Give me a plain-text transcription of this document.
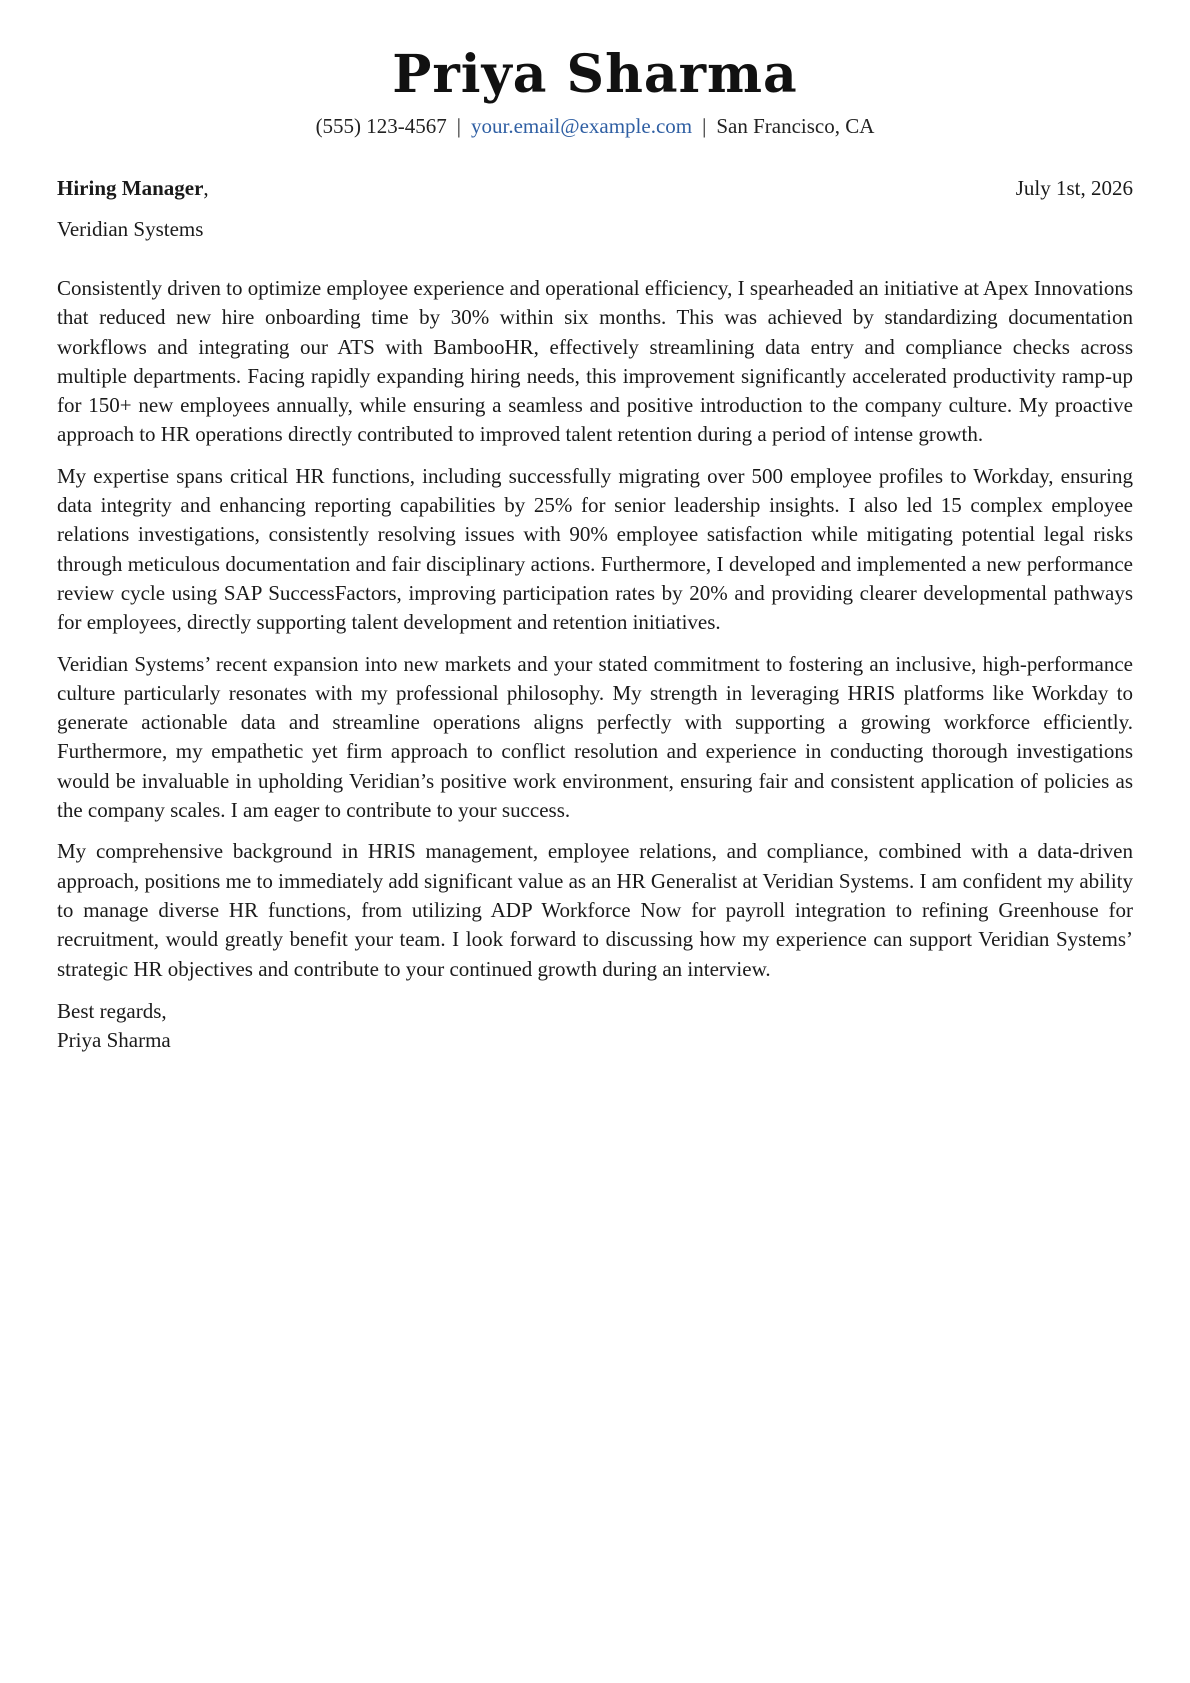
Priya Sharma
(555) 123-4567 | your.email@example.com | San Francisco, CA
Hiring Manager,	July 1st, 2026
Veridian Systems

Consistently driven to optimize employee experience and operational efficiency, I spearheaded an initiative at Apex Innovations that reduced new hire onboarding time by 30% within six months. This was achieved by standardizing documentation workflows and integrating our ATS with BambooHR, effectively streamlining data entry and compliance checks across multiple departments. Facing rapidly expanding hiring needs, this improvement significantly accelerated productivity ramp-up for 150+ new employees annually, while ensuring a seamless and positive introduction to the company culture. My proactive approach to HR operations directly contributed to improved talent retention during a period of intense growth.

My expertise spans critical HR functions, including successfully migrating over 500 employee profiles to Workday, ensuring data integrity and enhancing reporting capabilities by 25% for senior leadership insights. I also led 15 complex employee relations investigations, consistently resolving issues with 90% employee satisfaction while mitigating potential legal risks through meticulous documentation and fair disciplinary actions. Furthermore, I developed and implemented a new performance review cycle using SAP SuccessFactors, improving participation rates by 20% and providing clearer developmental pathways for employees, directly supporting talent development and retention initiatives.

Veridian Systems’ recent expansion into new markets and your stated commitment to fostering an inclusive, high-performance culture particularly resonates with my professional philosophy. My strength in leveraging HRIS platforms like Workday to generate actionable data and streamline operations aligns perfectly with supporting a growing workforce efficiently. Furthermore, my empathetic yet firm approach to conflict resolution and experience in conducting thorough investigations would be invaluable in upholding Veridian’s positive work environment, ensuring fair and consistent application of policies as the company scales. I am eager to contribute to your success.

My comprehensive background in HRIS management, employee relations, and compliance, combined with a data-driven approach, positions me to immediately add significant value as an HR Generalist at Veridian Systems. I am confident my ability to manage diverse HR functions, from utilizing ADP Workforce Now for payroll integration to refining Greenhouse for recruitment, would greatly benefit your team. I look forward to discussing how my experience can support Veridian Systems’ strategic HR objectives and contribute to your continued growth during an interview.

Best regards,
Priya Sharma
